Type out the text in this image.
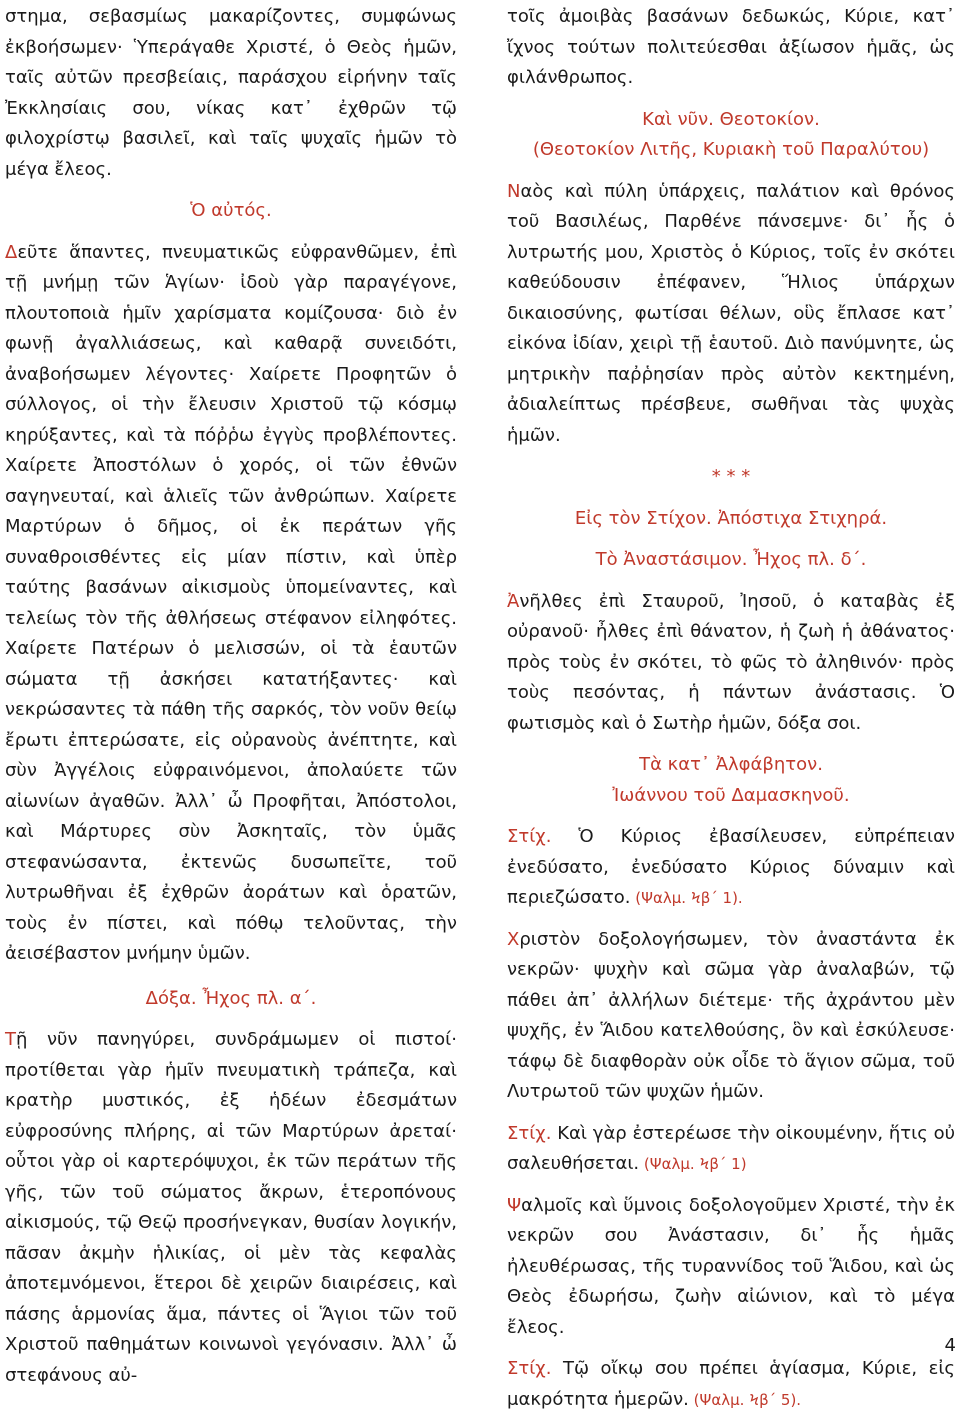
στημα, σεβασμίως μακαρίζοντες, συμφώνως ἐκβοήσωμεν· Ὑπεράγαθε Χριστέ, ὁ Θεὸς ἡμῶν, ταῖς αὐτῶν πρεσβείαις, παράσχου εἰρήνην ταῖς Ἐκκλησίαις σου, νίκας κατ᾿ ἐχθρῶν τῷ φιλοχρίστῳ βασιλεῖ, καὶ ταῖς ψυχαῖς ἡμῶν τὸ μέγα ἔλεος.

Ὁ αὐτός.

Δεῦτε ἅπαντες, πνευματικῶς εὐφρανθῶμεν, ἐπὶ τῇ μνήμῃ τῶν Ἁγίων· ἰδοὺ γὰρ παραγέγονε, πλουτοποιὰ ἡμῖν χαρίσματα κομίζουσα· διὸ ἐν φωνῇ ἀγαλλιάσεως, καὶ καθαρᾷ συνειδότι, ἀναβοήσωμεν λέγοντες· Χαίρετε Προφητῶν ὁ σύλλογος, οἱ τὴν ἔλευσιν Χριστοῦ τῷ κόσμῳ κηρύξαντες, καὶ τὰ πόῤῥω ἐγγὺς προβλέποντες. Χαίρετε Ἀποστόλων ὁ χορός, οἱ τῶν ἐθνῶν σαγηνευταί, καὶ ἁλιεῖς τῶν ἀνθρώπων. Χαίρετε Μαρτύρων ὁ δῆμος, οἱ ἐκ περάτων γῆς συναθροισθέντες εἰς μίαν πίστιν, καὶ ὑπὲρ ταύτης βασάνων αἰκισμοὺς ὑπομείναντες, καὶ τελείως τὸν τῆς ἀθλήσεως στέφανον εἰληφότες. Χαίρετε Πατέρων ὁ μελισσών, οἱ τὰ ἑαυτῶν σώματα τῇ ἀσκήσει κατατήξαντες· καὶ νεκρώσαντες τὰ πάθη τῆς σαρκός, τὸν νοῦν θείῳ ἔρωτι ἐπτερώσατε, εἰς οὐρανοὺς ἀνέπτητε, καὶ σὺν Ἀγγέλοις εὐφραινόμενοι, ἀπολαύετε τῶν αἰωνίων ἀγαθῶν. Ἀλλ᾿ ὦ Προφῆται, Ἀπόστολοι, καὶ Μάρτυρες σὺν Ἀσκηταῖς, τὸν ὑμᾶς στεφανώσαντα, ἐκτενῶς δυσωπεῖτε, τοῦ λυτρωθῆναι ἐξ ἐχθρῶν ἀοράτων καὶ ὁρατῶν, τοὺς ἐν πίστει, καὶ πόθῳ τελοῦντας, τὴν ἀεισέβαστον μνήμην ὑμῶν.

Δόξα. Ἦχος πλ. α΄.

Τῇ νῦν πανηγύρει, συνδράμωμεν οἱ πιστοί· προτίθεται γὰρ ἡμῖν πνευματικὴ τράπεζα, καὶ κρατὴρ μυστικός, ἐξ ἡδέων ἐδεσμάτων εὐφροσύνης πλήρης, αἱ τῶν Μαρτύρων ἀρεταί· οὗτοι γὰρ οἱ καρτερόψυχοι, ἐκ τῶν περάτων τῆς γῆς, τῶν τοῦ σώματος ἄκρων, ἑτεροπόνους αἰκισμούς, τῷ Θεῷ προσήνεγκαν, θυσίαν λογικήν, πᾶσαν ἀκμὴν ἡλικίας, οἱ μὲν τὰς κεφαλὰς ἀποτεμνόμενοι, ἕτεροι δὲ χειρῶν διαιρέσεις, καὶ πάσης ἁρμονίας ἅμα, πάντες οἱ Ἅγιοι τῶν τοῦ Χριστοῦ παθημάτων κοινωνοὶ γεγόνασιν. Ἀλλ᾿ ὦ στεφάνους αὐ-

τοῖς ἀμοιβὰς βασάνων δεδωκώς, Κύριε, κατ᾿ ἴχνος τούτων πολιτεύεσθαι ἀξίωσον ἡμᾶς, ὡς φιλάνθρωπος.

Καὶ νῦν. Θεοτοκίον.

(Θεοτοκίον Λιτῆς, Κυριακὴ τοῦ Παραλύτου)

Ναὸς καὶ πύλη ὑπάρχεις, παλάτιον καὶ θρόνος τοῦ Βασιλέως, Παρθένε πάνσεμνε· δι᾿ ἧς ὁ λυτρωτής μου, Χριστὸς ὁ Κύριος, τοῖς ἐν σκότει καθεύδουσιν ἐπέφανεν, Ἥλιος ὑπάρχων δικαιοσύνης, φωτίσαι θέλων, οὓς ἔπλασε κατ᾿ εἰκόνα ἰδίαν, χειρὶ τῇ ἑαυτοῦ. Διὸ πανύμνητε, ὡς μητρικὴν παῤῥησίαν πρὸς αὐτὸν κεκτημένη, ἀδιαλείπτως πρέσβευε, σωθῆναι τὰς ψυχὰς ἡμῶν.

* * *

Εἰς τὸν Στίχον. Ἀπόστιχα Στιχηρά.

Τὸ Ἀναστάσιμον. Ἦχος πλ. δ΄.

Ἀνῆλθες ἐπὶ Σταυροῦ, Ἰησοῦ, ὁ καταβὰς ἐξ οὐρανοῦ· ἦλθες ἐπὶ θάνατον, ἡ ζωὴ ἡ ἀθάνατος· πρὸς τοὺς ἐν σκότει, τὸ φῶς τὸ ἀληθινόν· πρὸς τοὺς πεσόντας, ἡ πάντων ἀνάστασις. Ὁ φωτισμὸς καὶ ὁ Σωτὴρ ἡμῶν, δόξα σοι.

Τὰ κατ᾿ Ἀλφάβητον.

Ἰωάννου τοῦ Δαμασκηνοῦ.

Στίχ. Ὁ Κύριος ἐβασίλευσεν, εὐπρέπειαν ἐνεδύσατο, ἐνεδύσατο Κύριος δύναμιν καὶ περιεζώσατο. (Ψαλμ. Ϟβ΄ 1).

Χριστὸν δοξολογήσωμεν, τὸν ἀναστάντα ἐκ νεκρῶν· ψυχὴν καὶ σῶμα γὰρ ἀναλαβών, τῷ πάθει ἀπ᾿ ἀλλήλων διέτεμε· τῆς ἀχράντου μὲν ψυχῆς, ἐν Ἅιδου κατελθούσης, ὃν καὶ ἐσκύλευσε· τάφῳ δὲ διαφθορὰν οὐκ οἶδε τὸ ἅγιον σῶμα, τοῦ Λυτρωτοῦ τῶν ψυχῶν ἡμῶν.

Στίχ. Καὶ γὰρ ἐστερέωσε τὴν οἰκουμένην, ἥτις οὐ σαλευθήσεται. (Ψαλμ. Ϟβ΄ 1)

Ψαλμοῖς καὶ ὕμνοις δοξολογοῦμεν Χριστέ, τὴν ἐκ νεκρῶν σου Ἀνάστασιν, δι᾿ ἧς ἡμᾶς ἠλευθέρωσας, τῆς τυραννίδος τοῦ Ἅιδου, καὶ ὡς Θεὸς ἐδωρήσω, ζωὴν αἰώνιον, καὶ τὸ μέγα ἔλεος.

Στίχ. Τῷ οἴκῳ σου πρέπει ἁγίασμα, Κύριε, εἰς μακρότητα ἡμερῶν. (Ψαλμ. Ϟβ΄ 5).

4
